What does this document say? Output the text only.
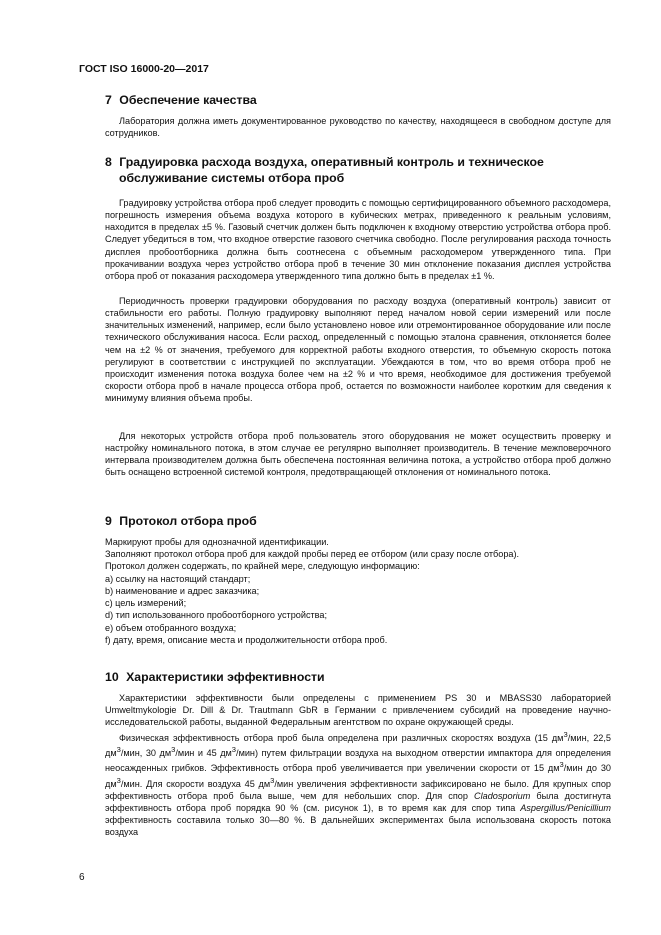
ГОСТ ISO 16000-20—2017
7 Обеспечение качества

Лаборатория должна иметь документированное руководство по качеству, находящееся в свободном доступе для сотрудников.

8 Градуировка расхода воздуха, оперативный контроль и техническое
обслуживание системы отбора проб

Градуировку устройства отбора проб следует проводить с помощью сертифицированного объемного расходомера, погрешность измерения объема воздуха которого в кубических метрах, приведенного к реальным условиям, находится в пределах ±5 %. Газовый счетчик должен быть подключен к входному отверстию устройства отбора проб. Следует убедиться в том, что входное отверстие газового счетчика свободно. После регулирования расхода точность дисплея пробоотборника должна быть соотнесена с объемным расходомером утвержденного типа. При прокачивании воздуха через устройство отбора проб в течение 30 мин отклонение показания дисплея устройства отбора проб от показания расходомера утвержденного типа должно быть в пределах ±1 %.

Периодичность проверки градуировки оборудования по расходу воздуха (оперативный контроль) зависит от стабильности его работы. Полную градуировку выполняют перед началом новой серии измерений или после значительных изменений, например, если было установлено новое или отремонтированное оборудование или после технического обслуживания насоса. Если расход, определенный с помощью эталона сравнения, отклоняется более чем на ±2 % от значения, требуемого для корректной работы входного отверстия, то объемную скорость потока регулируют в соответствии с инструкцией по эксплуатации. Убеждаются в том, что во время отбора проб не происходит изменения потока воздуха более чем на ±2 % и что время, необходимое для достижения требуемой скорости отбора проб в начале процесса отбора проб, остается по возможности наиболее коротким для сведения к минимуму влияния объема пробы.

Для некоторых устройств отбора проб пользователь этого оборудования не может осуществить проверку и настройку номинального потока, в этом случае ее регулярно выполняет производитель. В течение межповерочного интервала производителем должна быть обеспечена постоянная величина потока, а устройство отбора проб должно быть оснащено встроенной системой контроля, предотвращающей отклонения от номинального потока.

9 Протокол отбора проб

Маркируют пробы для однозначной идентификации.

Заполняют протокол отбора проб для каждой пробы перед ее отбором (или сразу после отбора).

Протокол должен содержать, по крайней мере, следующую информацию:

a) ссылку на настоящий стандарт;
b) наименование и адрес заказчика;
c) цель измерений;
d) тип использованного пробоотборного устройства;
e) объем отобранного воздуха;
f) дату, время, описание места и продолжительности отбора проб.
10 Характеристики эффективности

Характеристики эффективности были определены с применением PS 30 и MBASS30 лабораторией Umweltmykologie Dr. Dill & Dr. Trautmann GbR в Германии с привлечением субсидий на проведение научно-исследовательской работы, выданной Федеральным агентством по охране окружающей среды.

Физическая эффективность отбора проб была определена при различных скоростях воздуха (15 $дм^3$/мин, 22,5 $дм^3$/мин, 30 $дм^3$/мин и 45 $дм^3/мин$) путем фильтрации воздуха на выходном отверстии импактора для определения неосажденных грибков. Эффективность отбора проб увеличивается при увеличении скорости от 15 $дм^3$/мин до 30 $дм^3$/мин. Для скорости воздуха 45 $дм^3$/мин увеличения эффективности зафиксировано не было. Для крупных спор эффективность отбора проб была выше, чем для небольших спор. Для спор Cladosporium была достигнута эффективность отбора проб порядка 90 % (см. рисунок 1), в то время как для спор типа Aspergillus/Penicillium эффективность составила только 30—80 %. В дальнейших экспериментах была использована скорость потока воздуха

6
